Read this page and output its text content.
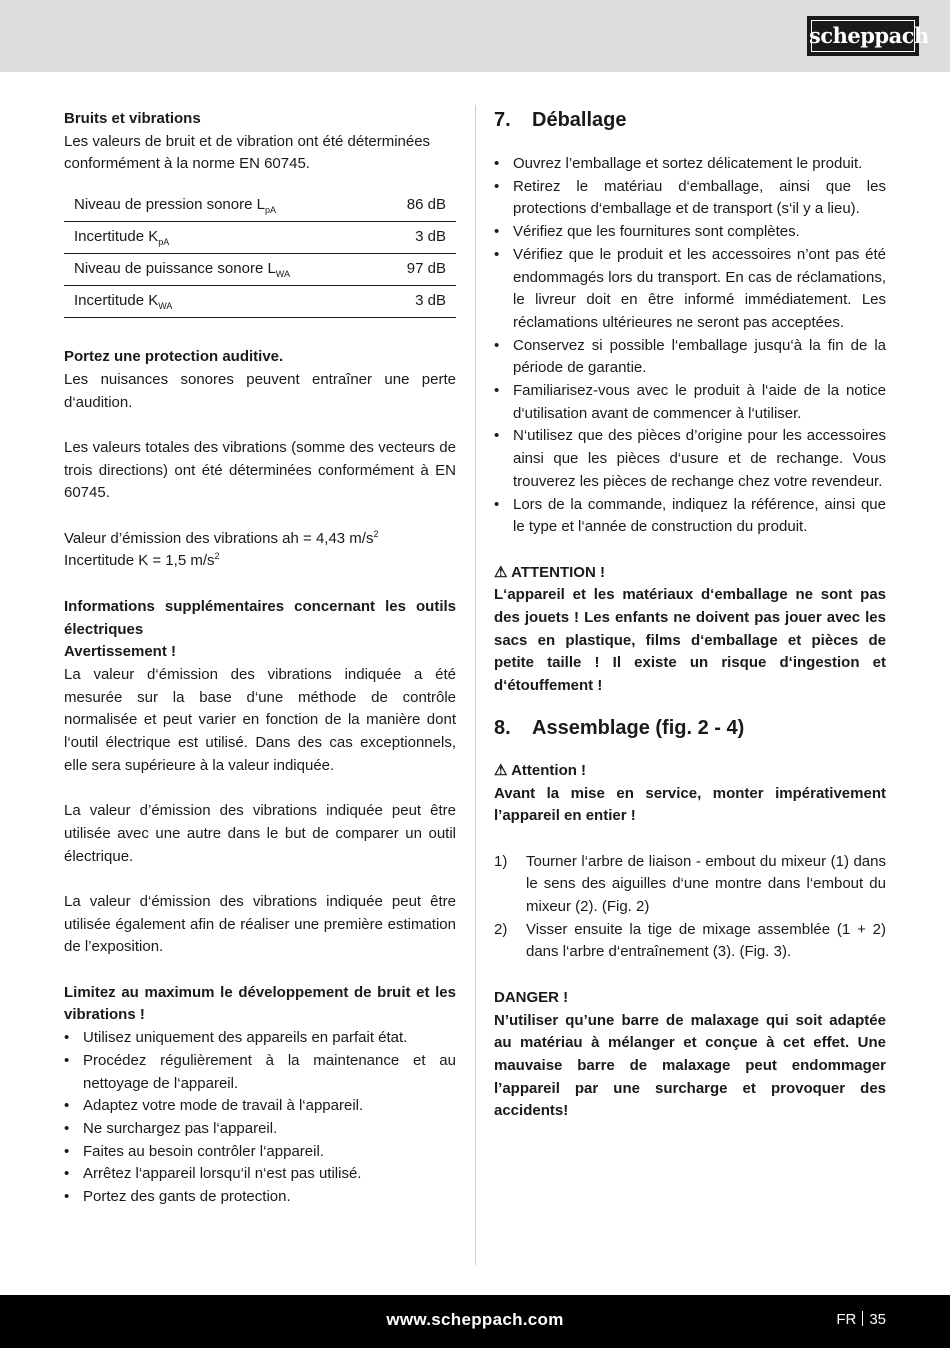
scheppach

Bruits et vibrations

Les valeurs de bruit et de vibration ont été déterminées conformément à la norme EN 60745.

Niveau de pression sonore $L_{pA}$	86 dB
Incertitude $K_{pA}$	3 dB
Niveau de puissance sonore $L_{WA}$	97 dB
Incertitude $K_{WA}$	3 dB

Portez une protection auditive.

Les nuisances sonores peuvent entraîner une perte d‘audition.

Les valeurs totales des vibrations (somme des vecteurs de trois directions) ont été déterminées conformément à EN 60745.

Valeur d’émission des vibrations ah = 4,43 $m/s^2$

Incertitude K = 1,5 $m/s^2$

Informations supplémentaires concernant les outils électriques

Avertissement !

La valeur d‘émission des vibrations indiquée a été mesurée sur la base d‘une méthode de contrôle normalisée et peut varier en fonction de la manière dont l‘outil électrique est utilisé. Dans des cas exceptionnels, elle sera supérieure à la valeur indiquée.

La valeur d’émission des vibrations indiquée peut être utilisée avec une autre dans le but de comparer un outil électrique.

La valeur d‘émission des vibrations indiquée peut être utilisée également afin de réaliser une première estimation de l’exposition.

Limitez au maximum le développement de bruit et les vibrations !

• Utilisez uniquement des appareils en parfait état.
• Procédez régulièrement à la maintenance et au nettoyage de l‘appareil.
• Adaptez votre mode de travail à l‘appareil.
• Ne surchargez pas l‘appareil.
• Faites au besoin contrôler l‘appareil.
• Arrêtez l‘appareil lorsqu‘il n‘est pas utilisé.
• Portez des gants de protection.
7. Déballage
• Ouvrez l’emballage et sortez délicatement le produit.
• Retirez le matériau d‘emballage, ainsi que les protections d‘emballage et de transport (s‘il y a lieu).
• Vérifiez que les fournitures sont complètes.
• Vérifiez que le produit et les accessoires n’ont pas été endommagés lors du transport. En cas de réclamations, le livreur doit en être informé immédiatement. Les réclamations ultérieures ne seront pas acceptées.
• Conservez si possible l‘emballage jusqu‘à la fin de la période de garantie.
• Familiarisez-vous avec le produit à l‘aide de la notice d‘utilisation avant de commencer à l‘utiliser.
• N‘utilisez que des pièces d’origine pour les accessoires ainsi que les pièces d‘usure et de rechange. Vous trouverez les pièces de rechange chez votre revendeur.
• Lors de la commande, indiquez la référence, ainsi que le type et l‘année de construction du produit.

⚠ ATTENTION !

L‘appareil et les matériaux d‘emballage ne sont pas des jouets ! Les enfants ne doivent pas jouer avec les sacs en plastique, films d‘emballage et pièces de petite taille ! Il existe un risque d‘ingestion et d‘étouffement !

8. Assemblage (fig. 2 - 4)

⚠ Attention !

Avant la mise en service, monter impérativement l’appareil en entier !

1) Tourner l‘arbre de liaison - embout du mixeur (1) dans le sens des aiguilles d‘une montre dans l‘embout du mixeur (2). (Fig. 2)
2) Visser ensuite la tige de mixage assemblée (1 + 2) dans l‘arbre d‘entraînement (3). (Fig. 3).

DANGER !

N’utiliser qu’une barre de malaxage qui soit adaptée au matériau à mélanger et conçue à cet effet. Une mauvaise barre de malaxage peut endommager l’appareil par une surcharge et provoquer des accidents!

www.scheppach.com	FR 35
